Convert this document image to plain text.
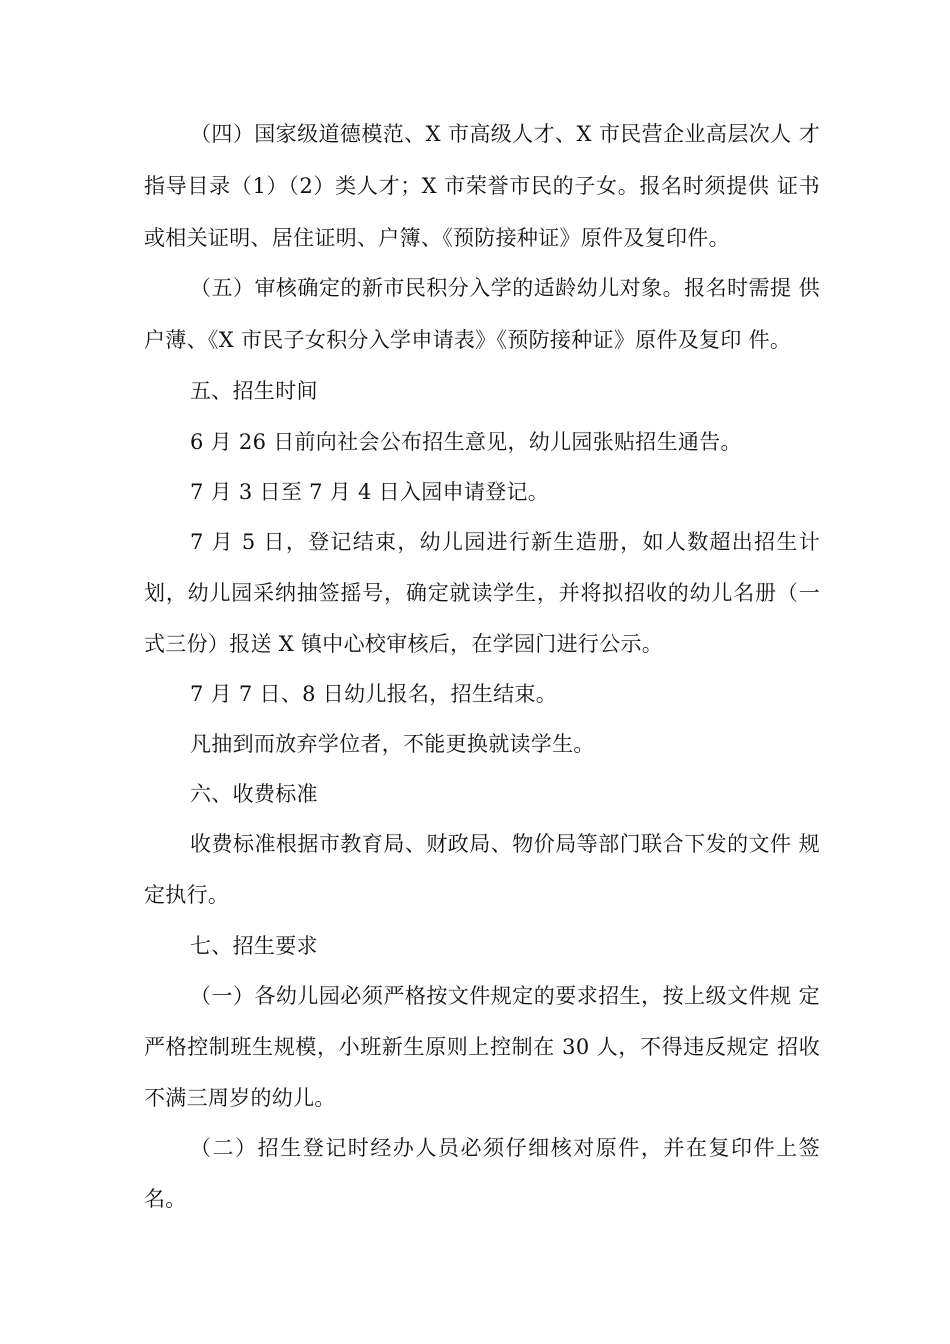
（四）国家级道德模范、X 市高级人才、X 市民营企业高层次人 才
指导目录（1）（2）类人才；X 市荣誉市民的子女。报名时须提供 证书
或相关证明、居住证明、户簿、《预防接种证》原件及复印件。
（五）审核确定的新市民积分入学的适龄幼儿对象。报名时需提 供
户薄、《X 市民子女积分入学申请表》《预防接种证》原件及复印 件。
五、招生时间
6 月 26 日前向社会公布招生意见，幼儿园张贴招生通告。
7 月 3 日至 7 月 4 日入园申请登记。
7 月 5 日，登记结束，幼儿园进行新生造册，如人数超出招生计
划，幼儿园采纳抽签摇号，确定就读学生，并将拟招收的幼儿名册（一
式三份）报送 X 镇中心校审核后，在学园门进行公示。
7 月 7 日、8 日幼儿报名，招生结束。
凡抽到而放弃学位者，不能更换就读学生。
六、收费标准
收费标准根据市教育局、财政局、物价局等部门联合下发的文件 规
定执行。
七、招生要求
（一）各幼儿园必须严格按文件规定的要求招生，按上级文件规 定
严格控制班生规模，小班新生原则上控制在 30 人，不得违反规定 招收
不满三周岁的幼儿。
（二）招生登记时经办人员必须仔细核对原件，并在复印件上签
名。
